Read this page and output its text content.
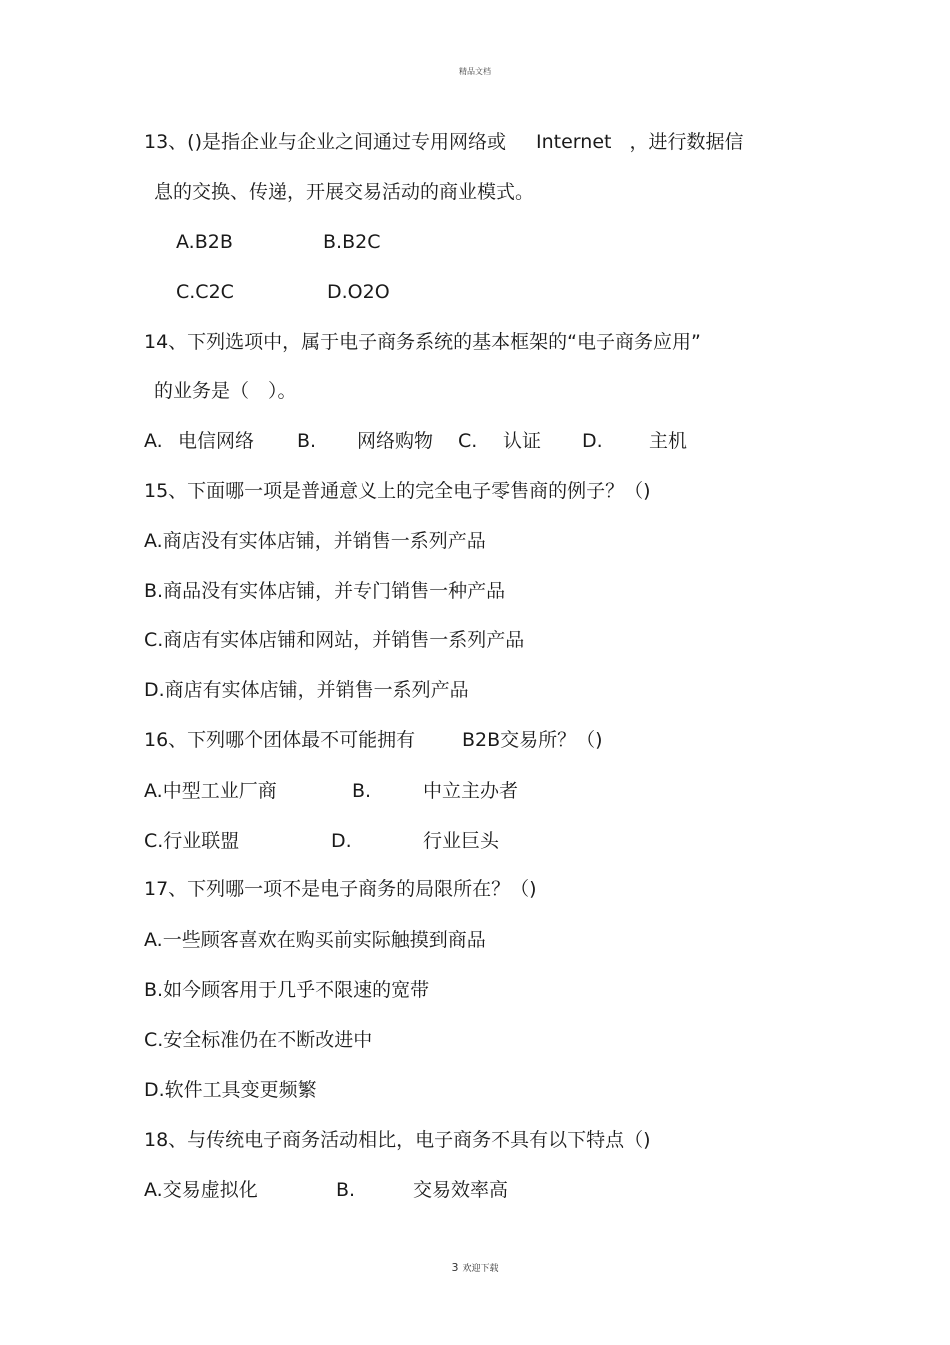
精品文档
13、()是指企业与企业之间通过专用网络或 Internet ，进行数据信
息的交换、传递，开展交易活动的商业模式。
A.B2B	B.B2C
C.C2C	D.O2O
14、下列选项中，属于电子商务系统的基本框架的“电子商务应用”
的业务是（　）。
A. 电信网络 B. 网络购物 C. 认证 D. 主机
15、下面哪一项是普通意义上的完全电子零售商的例子？（)
A.商店没有实体店铺，并销售一系列产品
B.商品没有实体店铺，并专门销售一种产品
C.商店有实体店铺和网站，并销售一系列产品
D.商店有实体店铺，并销售一系列产品
16、下列哪个团体最不可能拥有 B2B交易所？（)
A.中型工业厂商	B.	中立主办者
C.行业联盟	D.	行业巨头
17、下列哪一项不是电子商务的局限所在？（)
A.一些顾客喜欢在购买前实际触摸到商品
B.如今顾客用于几乎不限速的宽带
C.安全标准仍在不断改进中
D.软件工具变更频繁
18、与传统电子商务活动相比，电子商务不具有以下特点（)
A.交易虚拟化	B.	交易效率高
3 欢迎下载
